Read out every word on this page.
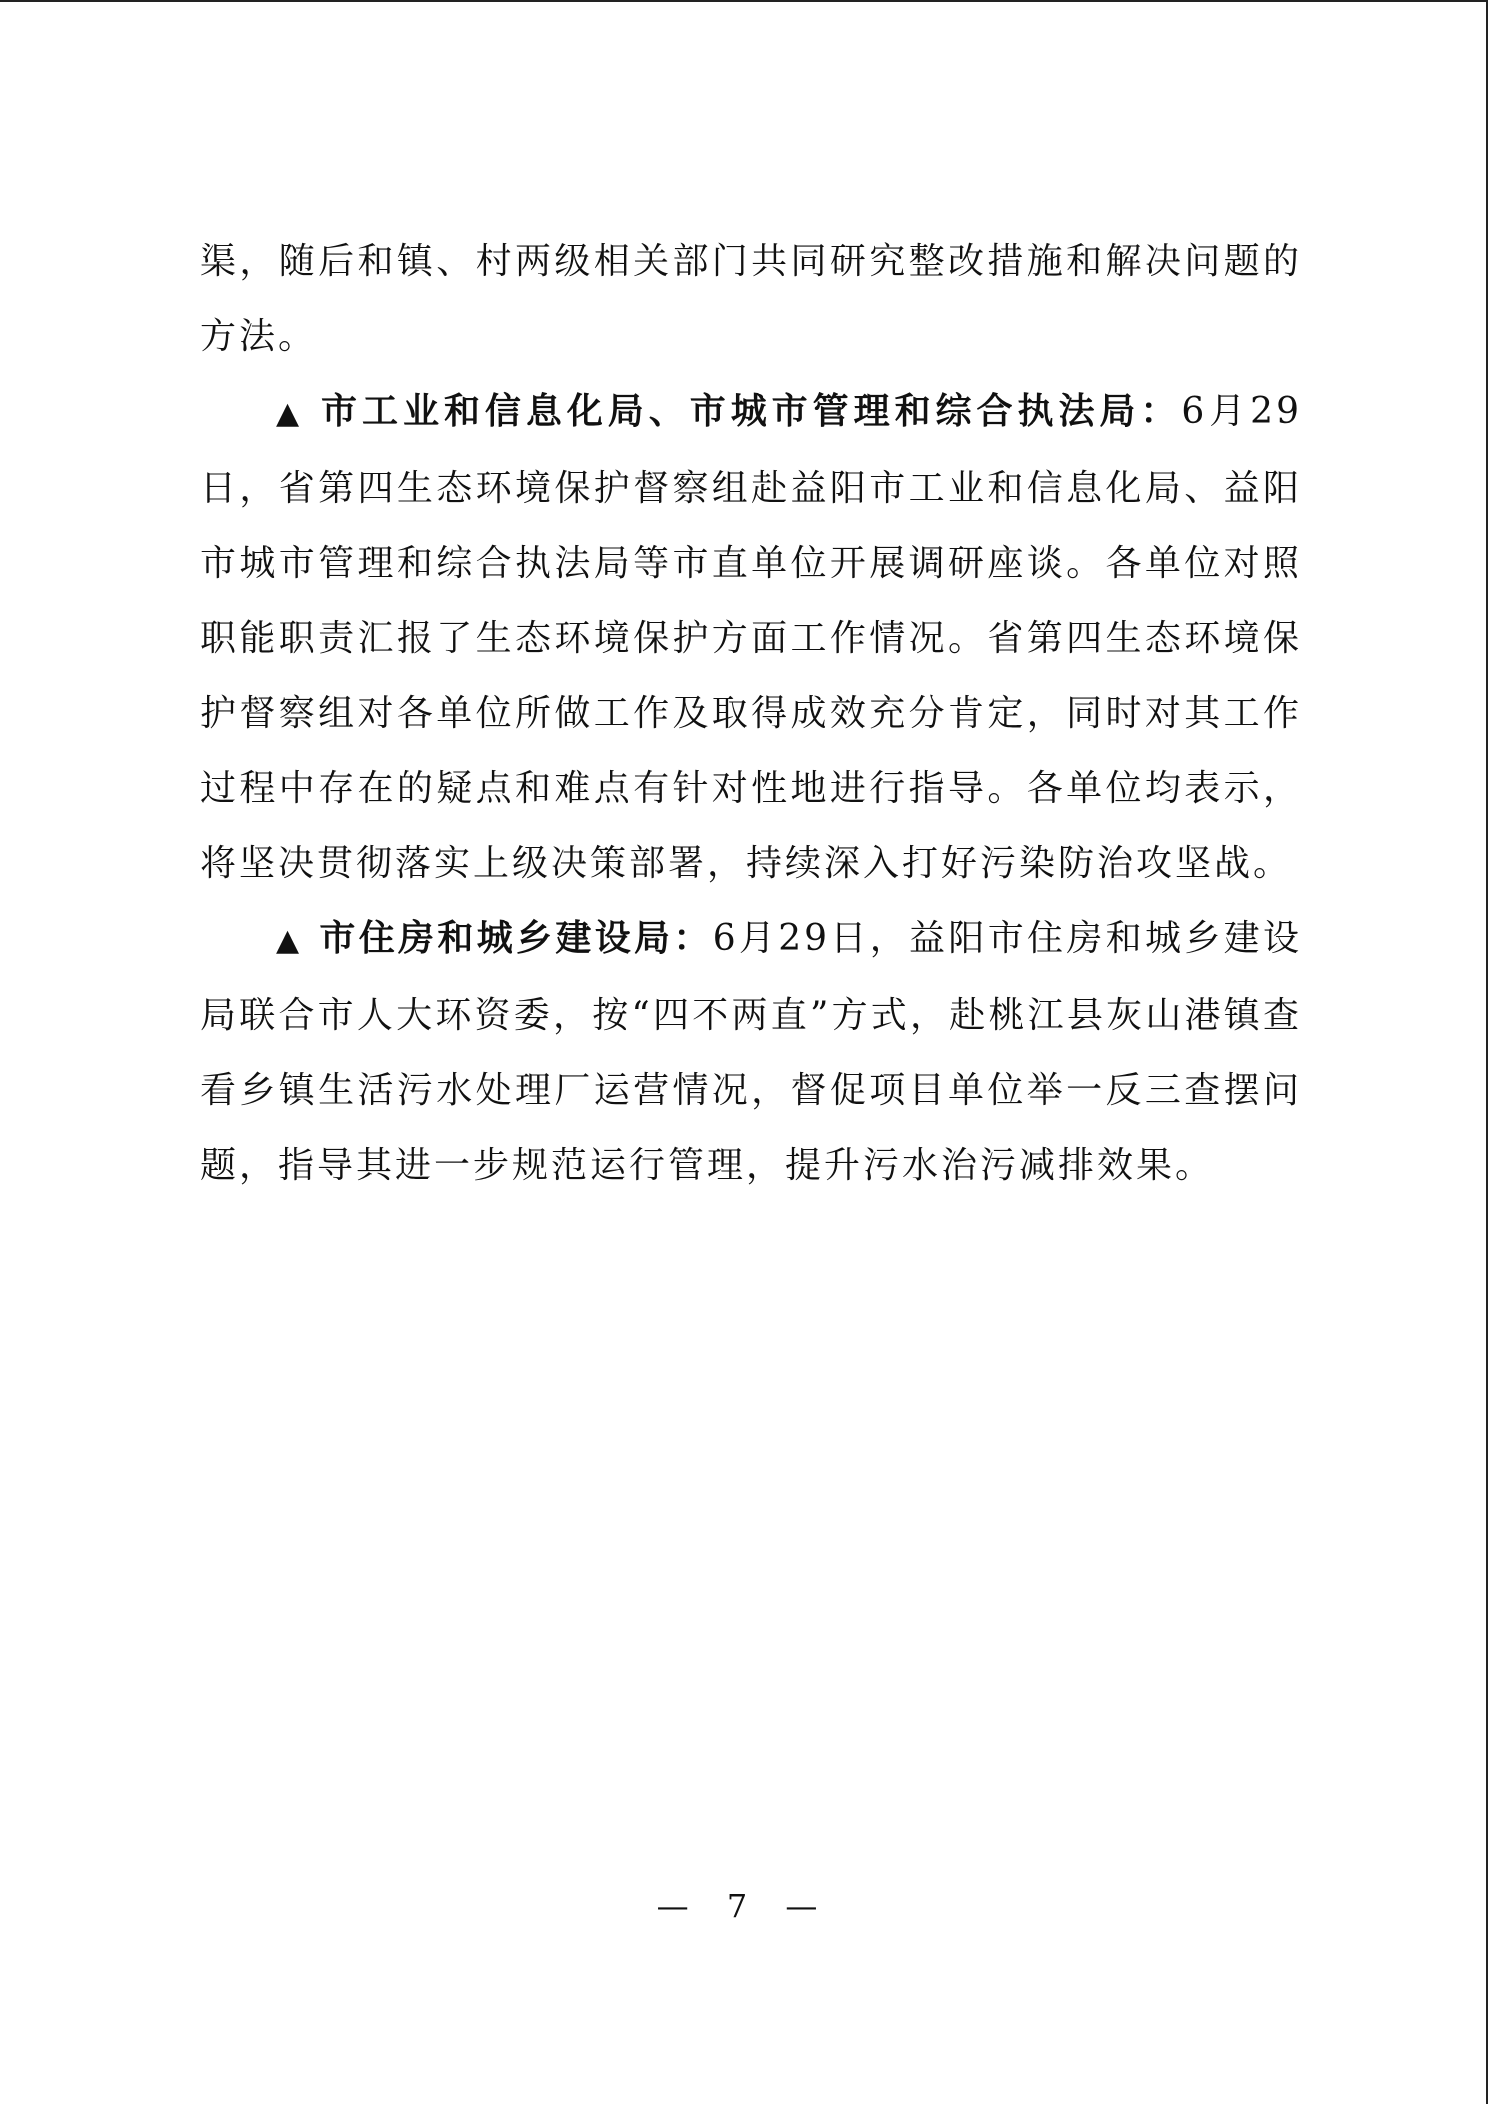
渠，随后和镇、村两级相关部门共同研究整改措施和解决问题的方法。

▲ 市工业和信息化局、市城市管理和综合执法局：6月29日，省第四生态环境保护督察组赴益阳市工业和信息化局、益阳市城市管理和综合执法局等市直单位开展调研座谈。各单位对照职能职责汇报了生态环境保护方面工作情况。省第四生态环境保护督察组对各单位所做工作及取得成效充分肯定，同时对其工作过程中存在的疑点和难点有针对性地进行指导。各单位均表示，将坚决贯彻落实上级决策部署，持续深入打好污染防治攻坚战。

▲ 市住房和城乡建设局：6月29日，益阳市住房和城乡建设局联合市人大环资委，按“四不两直”方式，赴桃江县灰山港镇查看乡镇生活污水处理厂运营情况，督促项目单位举一反三查摆问题，指导其进一步规范运行管理，提升污水治污减排效果。

— 7 —
